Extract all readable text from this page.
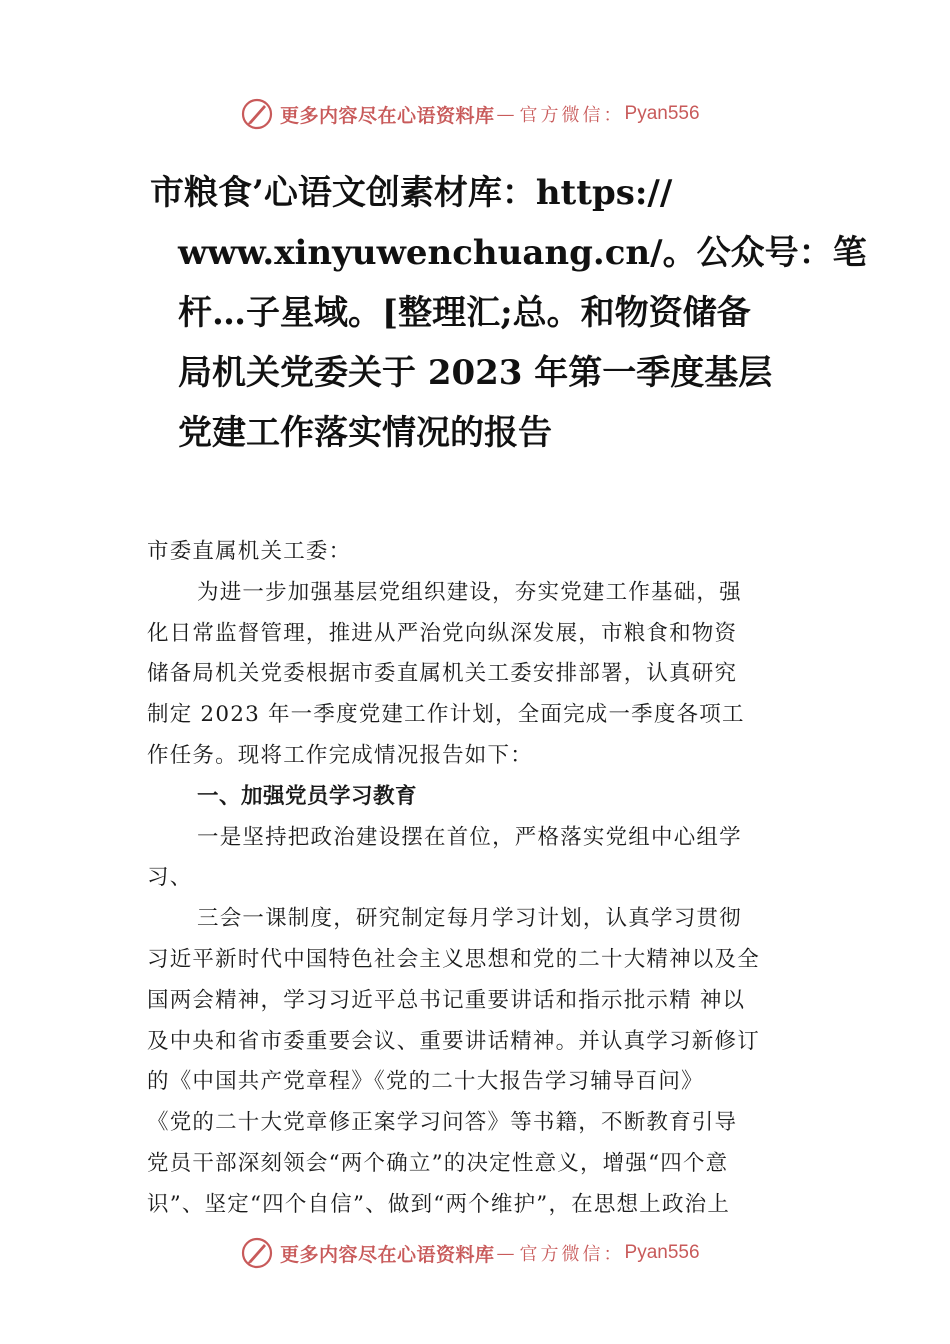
更多内容尽在心语资料库 — 官方微信： Pyan556
市粮食’心语文创素材库：https://
www.xinyuwenchuang.cn/。公众号：笔
杆…子星域。[整理汇;总。和物资储备
局机关党委关于 2023 年第一季度基层
党建工作落实情况的报告
市委直属机关工委：
为进一步加强基层党组织建设，夯实党建工作基础，强
化日常监督管理，推进从严治党向纵深发展，市粮食和物资
储备局机关党委根据市委直属机关工委安排部署，认真研究
制定 2023 年一季度党建工作计划，全面完成一季度各项工
作任务。现将工作完成情况报告如下：
一、加强党员学习教育
一是坚持把政治建设摆在首位，严格落实党组中心组学
习、
三会一课制度，研究制定每月学习计划，认真学习贯彻
习近平新时代中国特色社会主义思想和党的二十大精神以及全
国两会精神，学习习近平总书记重要讲话和指示批示精 神以
及中央和省市委重要会议、重要讲话精神。并认真学习新修订
的《中国共产党章程》《党的二十大报告学习辅导百问》
《党的二十大党章修正案学习问答》等书籍，不断教育引导
党员干部深刻领会“两个确立”的决定性意义，增强“四个意
识”、坚定“四个自信”、做到“两个维护”，在思想上政治上
更多内容尽在心语资料库 — 官方微信： Pyan556
